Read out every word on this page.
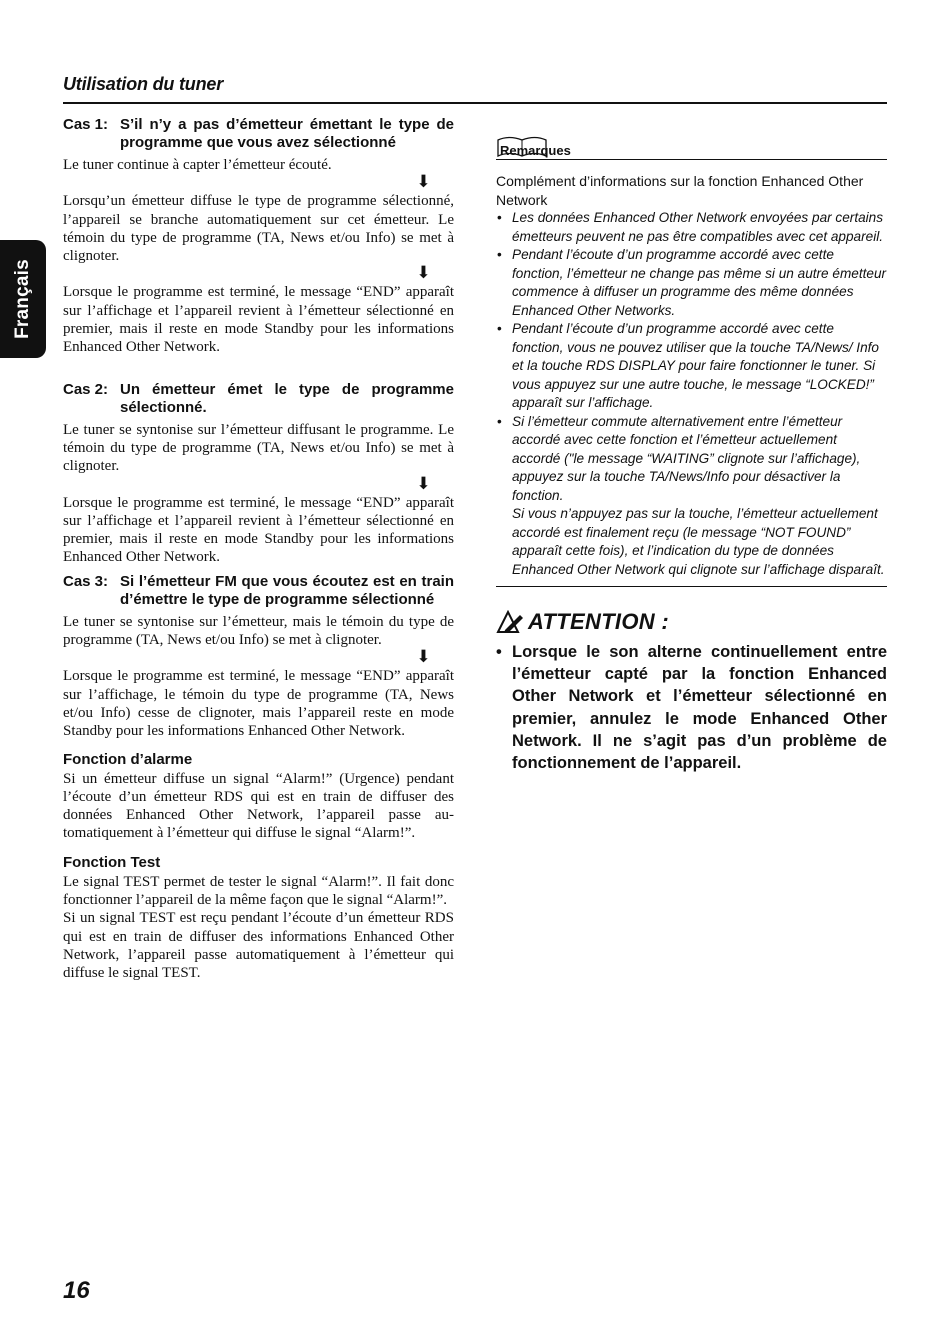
Utilisation du tuner
Français
Cas 1: S’il n’y a pas d’émetteur émettant le type de programme que vous avez sélectionné

Le tuner continue à capter l’émetteur écouté.

⬇

Lorsqu’un émetteur diffuse le type de programme sélectionné, l’appareil se branche automatiquement sur cet émetteur. Le témoin du type de programme (TA, News et/ou Info) se met à clignoter.

⬇

Lorsque le programme est terminé, le message “END” apparaît sur l’affichage et l’appareil revient à l’émetteur sélectionné en premier, mais il reste en mode Standby pour les informations Enhanced Other Network.

Cas 2: Un émetteur émet le type de programme sélectionné.

Le tuner se syntonise sur l’émetteur diffusant le programme. Le témoin du type de programme (TA, News et/ou Info) se met à clignoter.

⬇

Lorsque le programme est terminé, le message “END” apparaît sur l’affichage et l’appareil revient à l’émetteur sélectionné en premier, mais il reste en mode Standby pour les informations Enhanced Other Network.

Cas 3: Si l’émetteur FM que vous écoutez est en train d’émettre le type de programme sélectionné

Le tuner se syntonise sur l’émetteur, mais le témoin du type de programme (TA, News et/ou Info) se met à clignoter.

⬇

Lorsque le programme est terminé, le message “END” apparaît sur l’affichage, le témoin du type de programme (TA, News et/ou Info) cesse de clignoter, mais l’appareil reste en mode Standby pour les informations Enhanced Other Network.

Fonction d’alarme

Si un émetteur diffuse un signal “Alarm!” (Urgence) pendant l’écoute d’un émetteur RDS qui est en train de diffuser des données Enhanced Other Network, l’appareil passe automatiquement à l’émetteur qui diffuse le signal “Alarm!”.

Fonction Test

Le signal TEST permet de tester le signal “Alarm!”. Il fait donc fonctionner l’appareil de la même façon que le signal “Alarm!”.

Si un signal TEST est reçu pendant l’écoute d’un émetteur RDS qui est en train de diffuser des informations Enhanced Other Network, l’appareil passe automatiquement à l’émetteur qui diffuse le signal TEST.

Remarques
Complément d’informations sur la fonction Enhanced Other Network
• Les données Enhanced Other Network envoyées par certains émetteurs peuvent ne pas être compatibles avec cet appareil.
• Pendant l’écoute d’un programme accordé avec cette fonction, l’émetteur ne change pas même si un autre émetteur commence à diffuser un programme des même données Enhanced Other Networks.
• Pendant l’écoute d’un programme accordé avec cette fonction, vous ne pouvez utiliser que la touche TA/News/ Info et la touche RDS DISPLAY pour faire fonctionner le tuner. Si vous appuyez sur une autre touche, le message “LOCKED!” apparaît sur l’affichage.
• Si l’émetteur commute alternativement entre l’émetteur accordé avec cette fonction et l’émetteur actuellement accordé ("le message “WAITING” clignote sur l’affichage), appuyez sur la touche TA/News/Info pour désactiver la fonction.
Si vous n’appuyez pas sur la touche, l’émetteur actuellement accordé est finalement reçu (le message “NOT FOUND” apparaît cette fois), et l’indication du type de données Enhanced Other Network qui clignote sur l’affichage disparaît.
ATTENTION :
• Lorsque le son alterne continuellement entre l’émetteur capté par la fonction Enhanced Other Network et l’émetteur sélectionné en premier, annulez le mode Enhanced Other Network. Il ne s’agit pas d’un problème de fonctionnement de l’appareil.
16
